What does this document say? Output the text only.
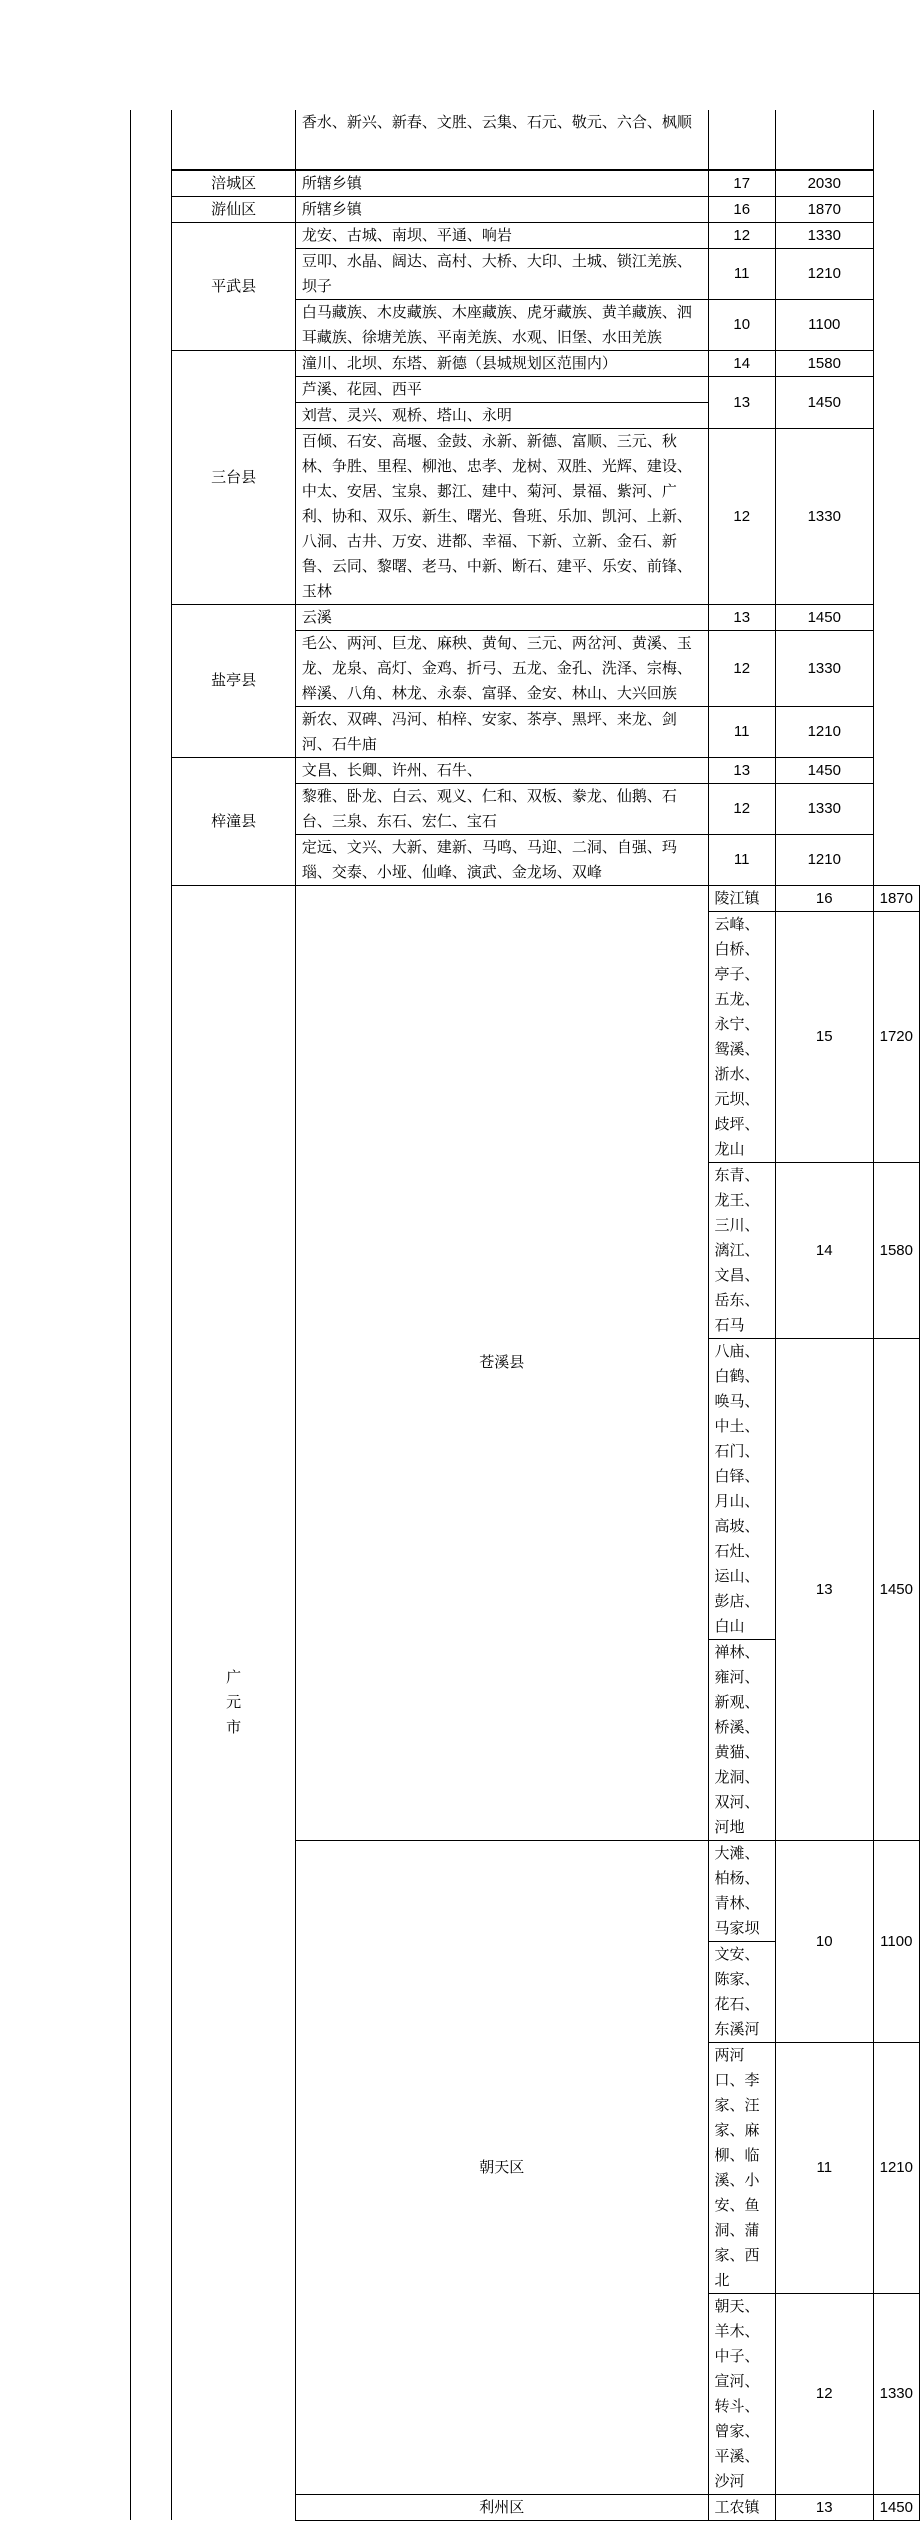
		香水、新兴、新春、文胜、云集、石元、敬元、六合、枫顺			

	涪城区	所辖乡镇	17	2030	
	游仙区	所辖乡镇	16	1870	
	平武县	龙安、古城、南坝、平通、响岩	12	1330	
		豆叩、水晶、阔达、高村、大桥、大印、土城、锁江羌族、坝子	11	1210	
		白马藏族、木皮藏族、木座藏族、虎牙藏族、黄羊藏族、泗耳藏族、徐塘羌族、平南羌族、水观、旧堡、水田羌族	10	1100	
	三台县	潼川、北坝、东塔、新德（县城规划区范围内）	14	1580	
		芦溪、花园、西平	13	1450	
		刘营、灵兴、观桥、塔山、永明			
		百倾、石安、高堰、金鼓、永新、新德、富顺、三元、秋林、争胜、里程、柳池、忠孝、龙树、双胜、光辉、建设、中太、安居、宝泉、郪江、建中、菊河、景福、紫河、广利、协和、双乐、新生、曙光、鲁班、乐加、凯河、上新、八洞、古井、万安、进都、幸福、下新、立新、金石、新鲁、云同、黎曙、老马、中新、断石、建平、乐安、前锋、玉林	12	1330	
	盐亭县	云溪	13	1450	
		毛公、两河、巨龙、麻秧、黄甸、三元、两岔河、黄溪、玉龙、龙泉、高灯、金鸡、折弓、五龙、金孔、洗泽、宗梅、榉溪、八角、林龙、永泰、富驿、金安、林山、大兴回族	12	1330	
		新农、双碑、冯河、柏梓、安家、茶亭、黑坪、来龙、剑河、石牛庙	11	1210	
	梓潼县	文昌、长卿、许州、石牛、	13	1450	
		黎雅、卧龙、白云、观义、仁和、双板、豢龙、仙鹅、石台、三泉、东石、宏仁、宝石	12	1330	
		定远、文兴、大新、建新、马鸣、马迎、二洞、自强、玛瑙、交泰、小垭、仙峰、演武、金龙场、双峰	11	1210	
	广元市	苍溪县	陵江镇	16	1870
			云峰、白桥、亭子、五龙、永宁、鸳溪、浙水、元坝、歧坪、龙山	15	1720
			东青、龙王、三川、漓江、文昌、岳东、石马	14	1580
			八庙、白鹤、唤马、中土、石门、白铎、月山、高坡、石灶、运山、彭店、白山	13	1450
			禅林、雍河、新观、桥溪、黄猫、龙洞、双河、河地		
		朝天区	大滩、柏杨、青林、马家坝	10	1100
			文安、陈家、花石、东溪河		
			两河口、李家、汪家、麻柳、临溪、小安、鱼洞、蒲家、西北	11	1210
			朝天、羊木、中子、宣河、转斗、曾家、平溪、沙河	12	1330
		利州区	工农镇	13	1450
